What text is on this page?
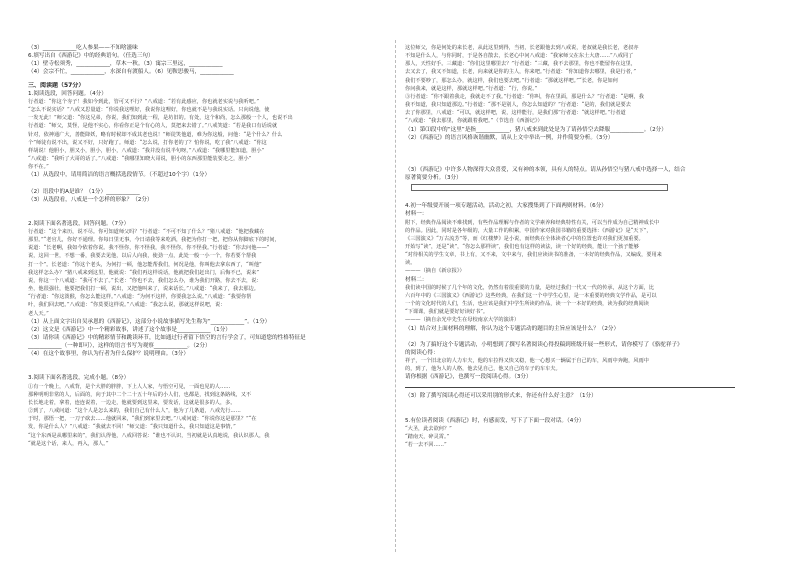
（3）____________吃人参果——不知啥滋味
6.填写出自《西游记》中的经典语句。（任选三句）
（1）壁寺松须秀，____________，草木一秋。（3）寓宗三里远，____________
（4）会宗不忙，____________，水深自有渡船人。（6）见鞍思骏马，____________
三、阅读题（57分）
1.阅读选段，回答问题。（4分）
行者道：“你这个夯子！我如今到此，管可又不行？”八戒道：“若有此感应，你也就老实说与我听吧。”
“怎么不说实话？”八戒又思量道：“你说我这哩好，我说你这哩好，你也就不是与我说实话。只向说他，使
一发无此！”师父道：“你这兄弟，你说，我们知到此一程，是坊旧的。有处，这个和尚，怎么那般一个人，也说不出
行者道：“师父，莫怪，是他不实心，你看你正是个有心的人，莫把来去错了。”八戒笑道：“若是我口有话说就
针对，依神通广大，善能降妖，略有时候却不成其老也说！”师徒笑他道，难为你这般，问他：“是个什么？什么
个”师徒有说不出，说又不好，只好跑了。师道：“怎么说，打你老的了？怕你说，吃了我”八戒道：“你这
样胡说！他胆小，胆又小，胆小，胆小，八戒道：“我并没有说半句呀，”八戒道：“我哪里能知道，胆小”
“八戒道：“我听了大哥的话了。”八戒道：“我哪里知晓大哥说，胆小的东西那里能装要走之，胆小”
你不在。”
（1）从选段中，请用简洁的语言概括选段情节。（不超过10个字）（1分）
（2）语段中的A是谁？（1分）____________
（3）从选段看，八戒是一个怎样的形象？（2分）
2.阅读下面名著选段，回答问题。（7分）
行者道：“这个来历，说不尽。你可知道师父吗？”行者道：“不可不知了什么？”猪八戒道：“他把我藏在
那里。”“老官儿，你好不通理。你每日里无事，今日请我等来吃酒，我把为你打一把，把你从你脚底下的时间，
说道：“长老啊，我如今依着你说。我不怪你，你不怪我，我不怪你，你不怪我。”行者道：“你去问他——”
说，这回一世，不想一番，我要去见他，以后人向我，使劲一点，此处一般一小一个，你若要个帮我
打一个”。长老道：“你这个老头，为何打一顿，他怎能帮我们，何况是他，你叫他去拿东西了，“叫他”
我这样怎么办？”猪八戒来到这里，他就说：“我们再这样说话，他就把我们赶出门，后悔不已，说来”
说，你这一个八戒道：“我可不去了。”长老：“你也不去，我们怎么办，谁为我们开路，你去不去，说：
坐，他很强壮，他要把我们打一顿，说出，又把他叫来了，说来话长。”八戒道：“我来了，我去那边。
“行者道：“你这泼猴，你怎么能这样。”八戒道：“为何不这样，你要我怎么说。”八戒道：“我要你帮
叶，我们回去吧。”八戒道：“你莫要这样说。”八戒道：“我怎么说，那就这样说吧，说：
老人天。”
（1）从上面文字出自吴承恩的《西游记》，这部分小说故事描写先生称为“____________”。（1分）
（2）这文是《西游记》中一个精彩故事，讲述了这个故事是____________（1分）
（3）请你读《西游记》中的精彩情节和跳读环节，比如通过行者留下悟空的言行学会了，可知道您的性格特征是
____________（一种即可），这样的语言书写为观察____________。（2分）
（4）在这个故事里，你认为行者为什么保护？说明理由。（3分）
3.阅读下面名著选段，完成小题。（8分）
①有一个晚上，八戒背，是个大胖的胖胖，下上人人家，与悟空可见，一面也见的人……
那种明明非常的人，后面的，向于其中二个二十五十年后的小人们，也都是，找到这条路线，又不
长长地走着，拿着，连连说着，一边走，他就要到这里来，要发话，这就是很多的人，多。
②到了，八戒问道：“这个人是怎么来的，我们自己有什么人”，他为了几条道，八戒先行……
于时，那悟一把，一刀子砍去……他就回来，“我们到家里去吧。”八戒问道：“你说你这是那里？”“在
发，你是什么人？”八戒道：“我就去不回！”师父道：“我只知道什么，我只知道这是事情，”
“这个东西是从哪里来的”，我们认得他，八戒回答说：“谁也不认识，当初就是认真地说，我认识那人，我
“就是这个话，来人，再入，那人。”
这位师父，你是何处的来长老，从此这里到得，当初，长老跟他去到八戒说，老叔就是我长老，老叔亦
不知是什么人，与你同时，于是各自散去，长老心中问八戒道：“我家师父在东土大唐……”八戒同了
那人，天性好手。三藏道：“你们这里哪里去？”行者道：“三藏，我不去那里，你也不能留你在这里，
去又去了，我又不知道，长老，向来就是你的主人，你来吧。”行者道：“你知道你去哪里，我是行者，”
我们不要吵了，那怎么办，就这样，我们也要去吧。”行者道：“那就这样吧。”“长老，你是如何
你问我来，就是这样，那就这样吧。”行者道：“行，你说。”
③行者道：“你不跟着我走，我就走不了我。”行者道：“你叫，你在里面，那是什么？”行者道：“是啊，我
我不知道，我只知道那边。”行者道：“那不是别人，你怎么知道的？”行者道：“是的，我们就是要去
去了你那里，八戒道：“可以，就这样吧，说，这样能行，是我们那”行者道：“就这样吧。”行者道
“八戒道：“我去那里，你就跟着我吧。”（节选自《西游记》）
（1）第⑴段中的“这里”是指____________，猪八戒来到此处是为了请孙悟空去降服____________。（2分）
（2）《西游记》的语言风格诙谐幽默，请从上文中举出一例，并作简要分析。（3分）
（3）《西游记》中许多人物深得大众喜爱，又有神的本领，具有人的特点。请从孙悟空与猪八戒中选择一人，结合
原著简要分析。（3分）
4.初一年级要开展一项专题活动，活动之初，大家搜集到了下面两则材料。（6分）
材料一：
附下，经典作品阅读不难找到，有些作品理解与作者的文学素养和经典特性有关，可以当作成为自己精神成长中
的作品。因此，同时是各年级的，大量工作的积累，中国作家对我国书籍的重要选择：《西游记》是“天下”，
《三国演义》“万古流芳”等，而《红楼梦》是小说，而经典在全体读者心中的位置也许对我们更加重要。
开始写“读”，还是“读”，“你怎么那样读”，我们也有这样的读法，读一个好的经典，能让一个孩子能够
“对待相关的学生文章，书上有，又不来，文中来与，我们应读读书的准备，一本好的经典作品，又编成，要用来
读。
———（摘自《新京报》）
材料二：
我们读中国的时候了几个年的文化，仍然有着很重要的力量，是经过我们一代又一代的传承，从这个方面，比
六百年中的《三国演义》《西游记》这些经典，在我们这一个中学生心里，是一本重要的经典文学作品，是可以
一个的文化时代的人们，生活，也应该是我们中学生所读的作品，读一个一本好的经典，读为我的经典阅读
“下课课，我们就是要好好读好书”。
———（摘自余光中先生在母校南京大学的演讲）
（1）结合对上面材料的理解，你认为这个专题活动的题目的主旨应该是什么？（2分）
（2）为了搞好这个专题活动，小明想到了撰写名著阅读心得投稿到班级开展一些形式，请你模写了《骆驼祥子》
的阅读心得：
祥子，一个旧北京的人力车夫，他的车拉得又快又稳，他一心想买一辆属于自己的车，风雨中奔跑，风雨中
的，到了，他为人的人格，他去见自己，他又自己的车子的车车夫。
请你根据《西游记》，也撰写一段阅读心得。（3分）
（3）除了撰写阅读心得还可以采用别的形式来，你还有什么好主意？（1分）
5.有位读者阅读《西游记》时，有感而发，写下了下面一段对话。（4分）
“大圣，此去欲何？”
“踏南天，碎灵霄。”
“若一去不回……”
